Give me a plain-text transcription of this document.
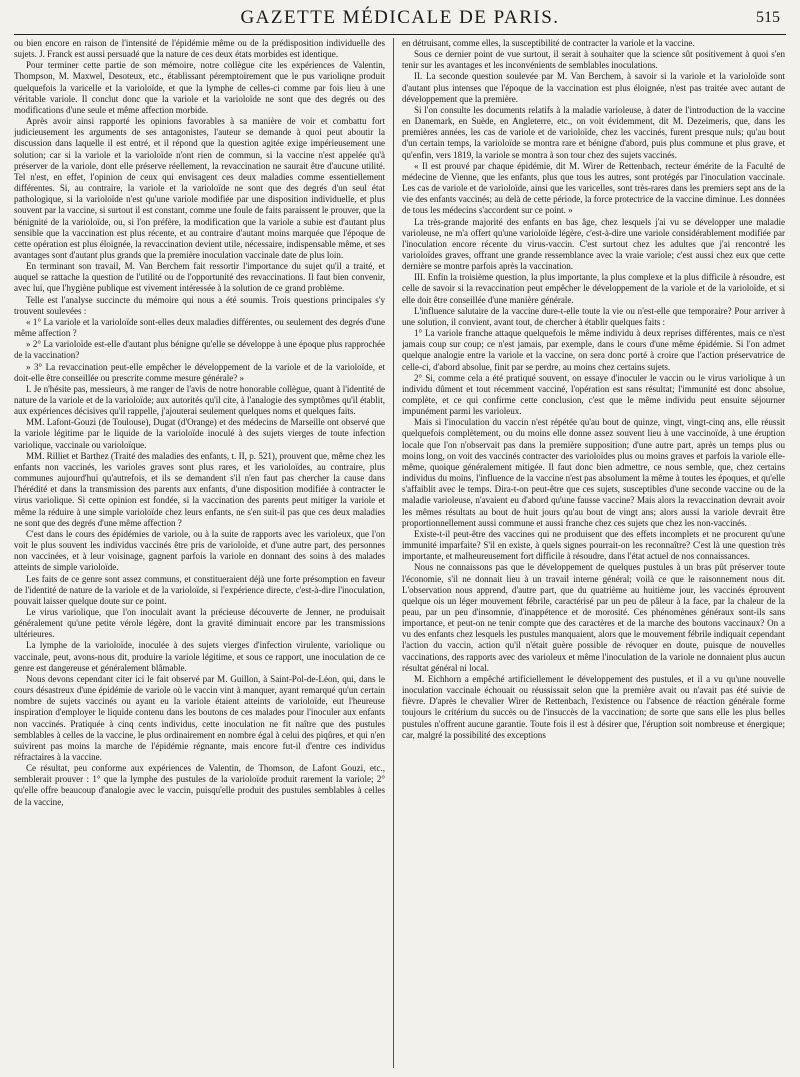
GAZETTE MÉDICALE DE PARIS.	515

ou bien encore en raison de l'intensité de l'épidémie même ou de la prédisposition individuelle des sujets. J. Franck est aussi persuadé que la nature de ces deux états morbides est identique.

Pour terminer cette partie de son mémoire, notre collègue cite les expériences de Valentin, Thompson, M. Maxwel, Desoteux, etc., établissant péremptoirement que le pus varioliqne produit quelquefois la varicelle et la varioloïde, et que la lymphe de celles-ci comme par fois lieu à une véritable variole. Il conclut donc que la variole et la varioloïde ne sont que des degrés ou des modifications d'une seule et même affection morbide.

Après avoir ainsi rapporté les opinions favorables à sa manière de voir et combattu fort judicieusement les arguments de ses antagonistes, l'auteur se demande à quoi peut aboutir la discussion dans laquelle il est entré, et il répond que la question agitée exige impérieusement une solution; car si la variole et la varioloïde n'ont rien de commun, si la vaccine n'est appelée qu'à préserver de la variole, dont elle préserve réellement, la revaccination ne saurait être d'aucune utilité. Tel n'est, en effet, l'opinion de ceux qui envisagent ces deux maladies comme essentiellement différentes. Si, au contraire, la variole et la varioloïde ne sont que des degrés d'un seul état pathologique, si la varioloïde n'est qu'une variole modifiée par une disposition individuelle, et plus souvent par la vaccine, si surtout il est constant, comme une foule de faits paraissent le prouver, que la bénignité de la varioloïde, ou, si l'on préfère, la modification que la variole a subie est d'autant plus sensible que la vaccination est plus récente, et au contraire d'autant moins marquée que l'époque de cette opération est plus éloignée, la revaccination devient utile, nécessaire, indispensable même, et ses avantages sont d'autant plus grands que la première inoculation vaccinale date de plus loin.

En terminant son travail, M. Van Berchem fait ressortir l'importance du sujet qu'il a traité, et auquel se rattache la question de l'utilité ou de l'opportunité des revaccinations. Il faut bien convenir, avec lui, que l'hygiène publique est vivement intéressée à la solution de ce grand problème.

Telle est l'analyse succincte du mémoire qui nous a été soumis. Trois questions principales s'y trouvent soulevées :

« 1° La variole et la varioloïde sont-elles deux maladies différentes, ou seulement des degrés d'une même affection ?

» 2° La varioloïde est-elle d'autant plus bénigne qu'elle se développe à une époque plus rapprochée de la vaccination?

» 3° La revaccination peut-elle empêcher le développement de la variole et de la varioloïde, et doit-elle être conseillée ou prescrite comme mesure générale? »

I. Je n'hésite pas, messieurs, à me ranger de l'avis de notre honorable collègue, quant à l'identité de nature de la variole et de la varioloïde; aux autorités qu'il cite, à l'analogie des symptômes qu'il établit, aux expériences décisives qu'il rappelle, j'ajouterai seulement quelques noms et quelques faits.

MM. Lafont-Gouzi (de Toulouse), Dugat (d'Orange) et des médecins de Marseille ont observé que la variole légitime par le liquide de la varioloïde inoculé à des sujets vierges de toute infection variolique, vaccinale ou varioloïque.

MM. Rilliet et Barthez (Traité des maladies des enfants, t. II, p. 521), prouvent que, même chez les enfants non vaccinés, les varioles graves sont plus rares, et les varioloïdes, au contraire, plus communes aujourd'hui qu'autrefois, et ils se demandent s'il n'en faut pas chercher la cause dans l'hérédité et dans la transmission des parents aux enfants, d'une disposition modifiée à contracter le virus variolique. Si cette opinion est fondée, si la vaccination des parents peut mitiger la variole et même la réduire à une simple varioloïde chez leurs enfants, ne s'en suit-il pas que ces deux maladies ne sont que des degrés d'une même affection ?

C'est dans le cours des épidémies de variole, ou à la suite de rapports avec les varioleux, que l'on voit le plus souvent les individus vaccinés être pris de varioloïde, et d'une autre part, des personnes non vaccinées, et à leur voisinage, gagnent parfois la variole en donnant des soins à des malades atteints de simple varioloïde.

Les faits de ce genre sont assez communs, et constitueraient déjà une forte présomption en faveur de l'identité de nature de la variole et de la varioloïde, si l'expérience directe, c'est-à-dire l'inoculation, pouvait laisser quelque doute sur ce point.

Le virus variolique, que l'on inoculait avant la précieuse découverte de Jenner, ne produisait généralement qu'une petite vérole légère, dont la gravité diminuait encore par les transmissions ultérieures.

La lymphe de la varioloïde, inoculée à des sujets vierges d'infection virulente, variolique ou vaccinale, peut, avons-nous dit, produire la variole légitime, et sous ce rapport, une inoculation de ce genre est dangereuse et généralement blâmable.

Nous devons cependant citer ici le fait observé par M. Guillon, à Saint-Pol-de-Léon, qui, dans le cours désastreux d'une épidémie de variole où le vaccin vint à manquer, ayant remarqué qu'un certain nombre de sujets vaccinés ou ayant eu la variole étaient atteints de varioloïde, eut l'heureuse inspiration d'employer le liquide contenu dans les boutons de ces malades pour l'inoculer aux enfants non vaccinés. Pratiquée à cinq cents individus, cette inoculation ne fit naître que des pustules semblables à celles de la vaccine, le plus ordinairement en nombre égal à celui des piqûres, et qui n'en suivirent pas moins la marche de l'épidémie régnante, mais encore fut-il d'entre ces individus réfractaires à la vaccine.

Ce résultat, peu conforme aux expériences de Valentin, de Thomson, de Lafont Gouzi, etc., semblerait prouver : 1° que la lymphe des pustules de la varioloïde produit rarement la variole; 2° qu'elle offre beaucoup d'analogie avec le vaccin, puisqu'elle produit des pustules semblables à celles de la vaccine,

en détruisant, comme elles, la susceptibilité de contracter la variole et la vaccine.

Sous ce dernier point de vue surtout, il serait à souhaiter que la science sût positivement à quoi s'en tenir sur les avantages et les inconvénients de semblables inoculations.

II. La seconde question soulevée par M. Van Berchem, à savoir si la variole et la varioloïde sont d'autant plus intenses que l'époque de la vaccination est plus éloignée, n'est pas traitée avec autant de développement que la première.

Si l'on consulte les documents relatifs à la maladie varioleuse, à dater de l'introduction de la vaccine en Danemark, en Suède, en Angleterre, etc., on voit évidemment, dit M. Dezeimeris, que, dans les premières années, les cas de variole et de varioloïde, chez les vaccinés, furent presque nuls; qu'au bout d'un certain temps, la varioloïde se montra rare et bénigne d'abord, puis plus commune et plus grave, et qu'enfin, vers 1819, la variole se montra à son tour chez des sujets vaccinés.

« Il est prouvé par chaque épidémie, dit M. Wirer de Rettenbach, recteur émérite de la Faculté de médecine de Vienne, que les enfants, plus que tous les autres, sont protégés par l'inoculation vaccinale. Les cas de variole et de varioloïde, ainsi que les varicelles, sont très-rares dans les premiers sept ans de la vie des enfants vaccinés; au delà de cette période, la force protectrice de la vaccine diminue. Les données de tous les médecins s'accordent sur ce point. »

La très-grande majorité des enfants en bas âge, chez lesquels j'ai vu se développer une maladie varioleuse, ne m'a offert qu'une varioloïde légère, c'est-à-dire une variole considérablement modifiée par l'inoculation encore récente du virus-vaccin. C'est surtout chez les adultes que j'ai rencontré les varioloïdes graves, offrant une grande ressemblance avec la vraie variole; c'est aussi chez eux que cette dernière se montre parfois après la vaccination.

III. Enfin la troisième question, la plus importante, la plus complexe et la plus difficile à résoudre, est celle de savoir si la revaccination peut empêcher le développement de la variole et de la varioloïde, et si elle doit être conseillée d'une manière générale.

L'influence salutaire de la vaccine dure-t-elle toute la vie ou n'est-elle que temporaire? Pour arriver à une solution, il convient, avant tout, de chercher à établir quelques faits :

1° La variole franche attaque quelquefois le même individu à deux reprises différentes, mais ce n'est jamais coup sur coup; ce n'est jamais, par exemple, dans le cours d'une même épidémie. Si l'on admet quelque analogie entre la variole et la vaccine, on sera donc porté à croire que l'action préservatrice de celle-ci, d'abord absolue, finit par se perdre, au moins chez certains sujets.

2° Si, comme cela a été pratiqué souvent, on essaye d'inoculer le vaccin ou le virus variolique à un individu dûment et tout récemment vacciné, l'opération est sans résultat; l'immunité est donc absolue, complète, et ce qui confirme cette conclusion, c'est que le même individu peut ensuite séjourner impunément parmi les varioleux.

Mais si l'inoculation du vaccin n'est répétée qu'au bout de quinze, vingt, vingt-cinq ans, elle réussit quelquefois complètement, ou du moins elle donne assez souvent lieu à une vaccinoïde, à une éruption locale que l'on n'observait pas dans la première supposition; d'une autre part, après un temps plus ou moins long, on voit des vaccinés contracter des varioloïdes plus ou moins graves et parfois la variole elle-même, quoique généralement mitigée. Il faut donc bien admettre, ce nous semble, que, chez certains individus du moins, l'influence de la vaccine n'est pas absolument la même à toutes les époques, et qu'elle s'affaiblit avec le temps. Dira-t-on peut-être que ces sujets, susceptibles d'une seconde vaccine ou de la maladie varioleuse, n'avaient eu d'abord qu'une fausse vaccine? Mais alors la revaccination devrait avoir les mêmes résultats au bout de huit jours qu'au bout de vingt ans; alors aussi la variole devrait être proportionnellement aussi commune et aussi franche chez ces sujets que chez les non-vaccinés.

Existe-t-il peut-être des vaccines qui ne produisent que des effets incomplets et ne procurent qu'une immunité imparfaite? S'il en existe, à quels signes pourrait-on les reconnaître? C'est là une question très importante, et malheureusement fort difficile à résoudre, dans l'état actuel de nos connaissances.

Nous ne connaissons pas que le développement de quelques pustules à un bras pût préserver toute l'économie, s'il ne donnait lieu à un travail interne général; voilà ce que le raisonnement nous dit. L'observation nous apprend, d'autre part, que du quatrième au huitième jour, les vaccinés éprouvent quelque ois un léger mouvement fébrile, caractérisé par un peu de pâleur à la face, par la chaleur de la peau, par un peu d'insomnie, d'inappétence et de morosité. Ces phénomènes généraux sont-ils sans importance, et peut-on ne tenir compte que des caractères et de la marche des boutons vaccinaux? On a vu des enfants chez lesquels les pustules manquaient, alors que le mouvement fébrile indiquait cependant l'action du vaccin, action qu'il n'était guère possible de révoquer en doute, puisque de nouvelles vaccinations, des rapports avec des varioleux et même l'inoculation de la variole ne donnaient plus aucun résultat général ni local.

M. Eichhorn a empêché artificiellement le développement des pustules, et il a vu qu'une nouvelle inoculation vaccinale échouait ou réussissait selon que la première avait ou n'avait pas été suivie de fièvre. D'après le chevalier Wirer de Rettenbach, l'existence ou l'absence de réaction générale forme toujours le critérium du succès ou de l'insuccès de la vaccination; de sorte que sans elle les plus belles pustules n'offrent aucune garantie. Toute fois il est à désirer que, l'éruption soit nombreuse et énergique; car, malgré la possibilité des exceptions
